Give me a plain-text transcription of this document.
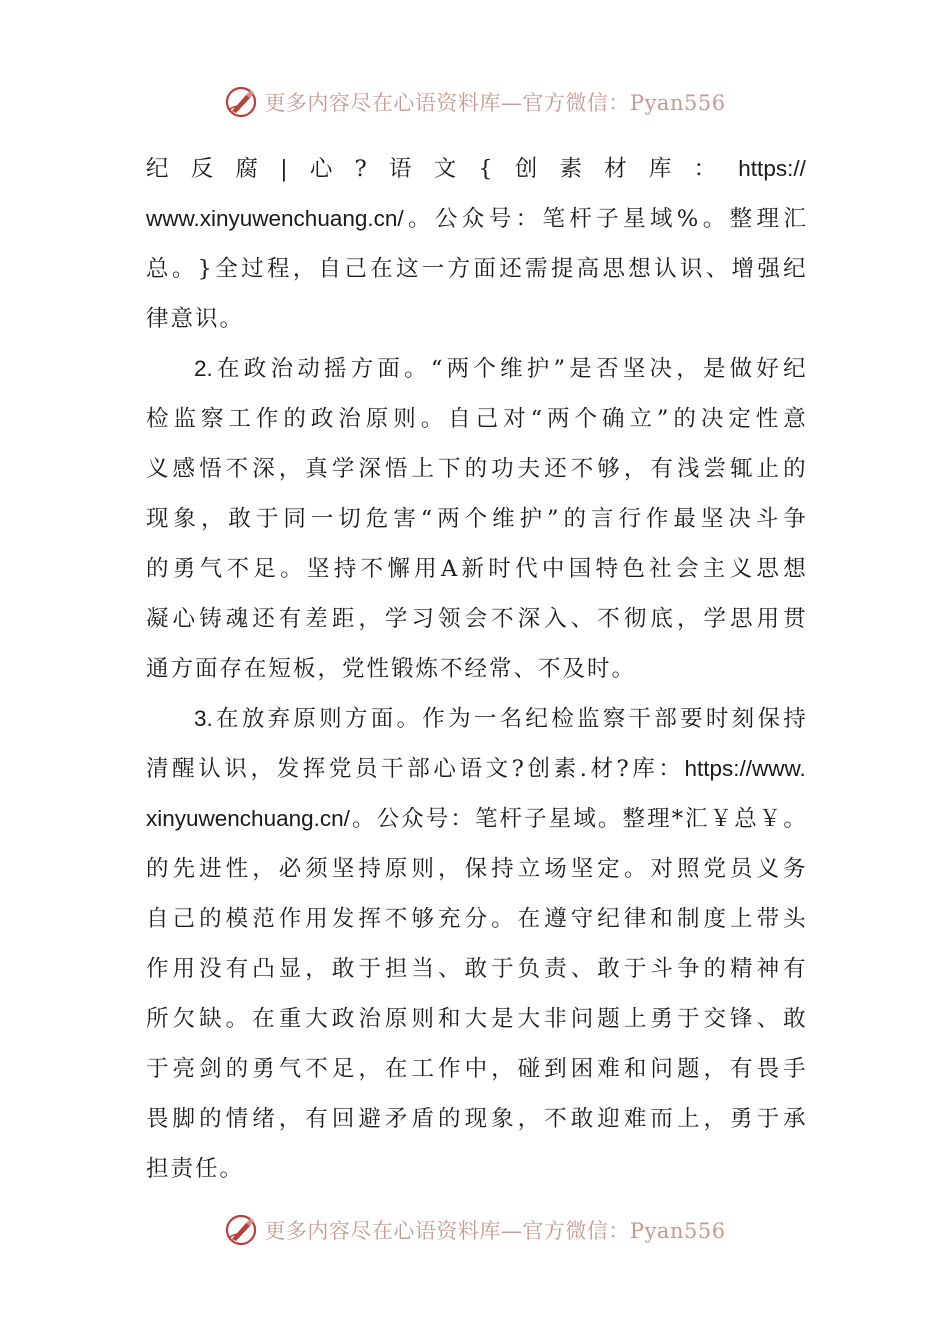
更多内容尽在心语资料库—官方微信：Pyan556
纪 反 腐 | 心 ? 语 文 { 创 素 材 库 ： https://
www.xinyuwenchuang.cn/ 。 公 众 号 ： 笔 杆 子 星 域 % 。 整 理 汇
总 。 } 全 过 程 ， 自 己 在 这 一 方 面 还 需 提 高 思 想 认 识 、 增 强 纪
律意识。
2. 在 政 治 动 摇 方 面 。 “ 两 个 维 护 ” 是 否 坚 决 ， 是 做 好 纪
检 监 察 工 作 的 政 治 原 则 。 自 己 对 “ 两 个 确 立 ” 的 决 定 性 意
义 感 悟 不 深 ， 真 学 深 悟 上 下 的 功 夫 还 不 够 ， 有 浅 尝 辄 止 的
现 象 ， 敢 于 同 一 切 危 害 “ 两 个 维 护 ” 的 言 行 作 最 坚 决 斗 争
的 勇 气 不 足 。 坚 持 不 懈 用 A 新 时 代 中 国 特 色 社 会 主 义 思 想
凝 心 铸 魂 还 有 差 距 ， 学 习 领 会 不 深 入 、 不 彻 底 ， 学 思 用 贯
通方面存在短板，党性锻炼不经常、不及时。
3. 在 放 弃 原 则 方 面 。 作 为 一 名 纪 检 监 察 干 部 要 时 刻 保 持
清 醒 认 识 ， 发 挥 党 员 干 部 心 语 文 ? 创 素 . 材 ? 库 ： https://www.
xinyuwenchuang.cn/ 。 公 众 号 ： 笔 杆 子 星 域 。 整 理 * 汇 ￥ 总 ￥ 。
的 先 进 性 ， 必 须 坚 持 原 则 ， 保 持 立 场 坚 定 。 对 照 党 员 义 务
自 己 的 模 范 作 用 发 挥 不 够 充 分 。 在 遵 守 纪 律 和 制 度 上 带 头
作 用 没 有 凸 显 ， 敢 于 担 当 、 敢 于 负 责 、 敢 于 斗 争 的 精 神 有
所 欠 缺 。 在 重 大 政 治 原 则 和 大 是 大 非 问 题 上 勇 于 交 锋 、 敢
于 亮 剑 的 勇 气 不 足 ， 在 工 作 中 ， 碰 到 困 难 和 问 题 ， 有 畏 手
畏 脚 的 情 绪 ， 有 回 避 矛 盾 的 现 象 ， 不 敢 迎 难 而 上 ， 勇 于 承
担责任。
更多内容尽在心语资料库—官方微信：Pyan556
